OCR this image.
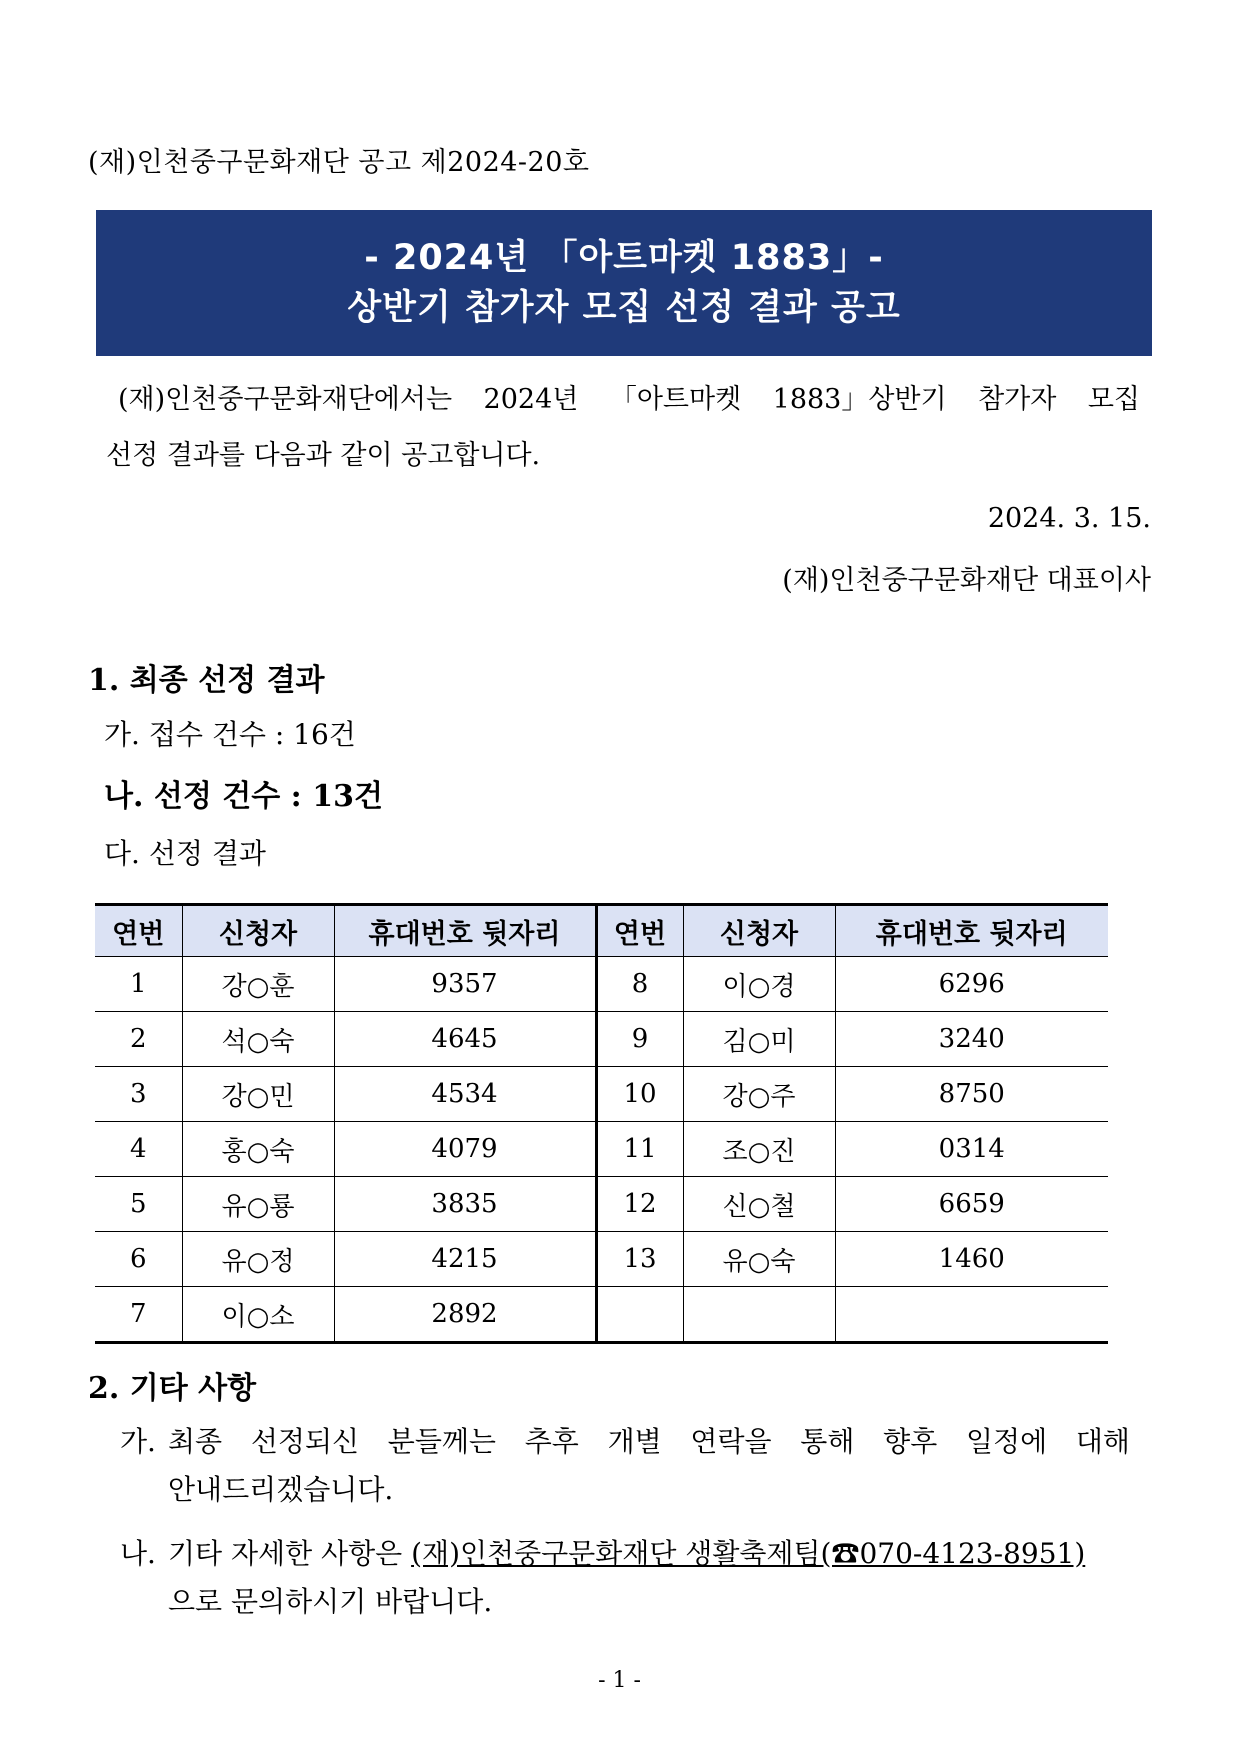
(재)인천중구문화재단 공고 제2024-20호
- 2024년 「아트마켓 1883」-
상반기 참가자 모집 선정 결과 공고
(재)인천중구문화재단에서는 2024년 「아트마켓 1883」상반기 참가자 모집
선정 결과를 다음과 같이 공고합니다.
2024. 3. 15.
(재)인천중구문화재단 대표이사
1. 최종 선정 결과
가. 접수 건수 : 16건
나. 선정 건수 : 13건
다. 선정 결과
연번	신청자	휴대번호 뒷자리	연번	신청자	휴대번호 뒷자리
1	강○훈	9357	8	이○경	6296
2	석○숙	4645	9	김○미	3240
3	강○민	4534	10	강○주	8750
4	홍○숙	4079	11	조○진	0314
5	유○룡	3835	12	신○철	6659
6	유○정	4215	13	유○숙	1460
7	이○소	2892			
2. 기타 사항
가. 최종 선정되신 분들께는 추후 개별 연락을 통해 향후 일정에 대해
안내드리겠습니다.
나. 기타 자세한 사항은 (재)인천중구문화재단 생활축제팀(☎070-4123-8951)
으로 문의하시기 바랍니다.
- 1 -
